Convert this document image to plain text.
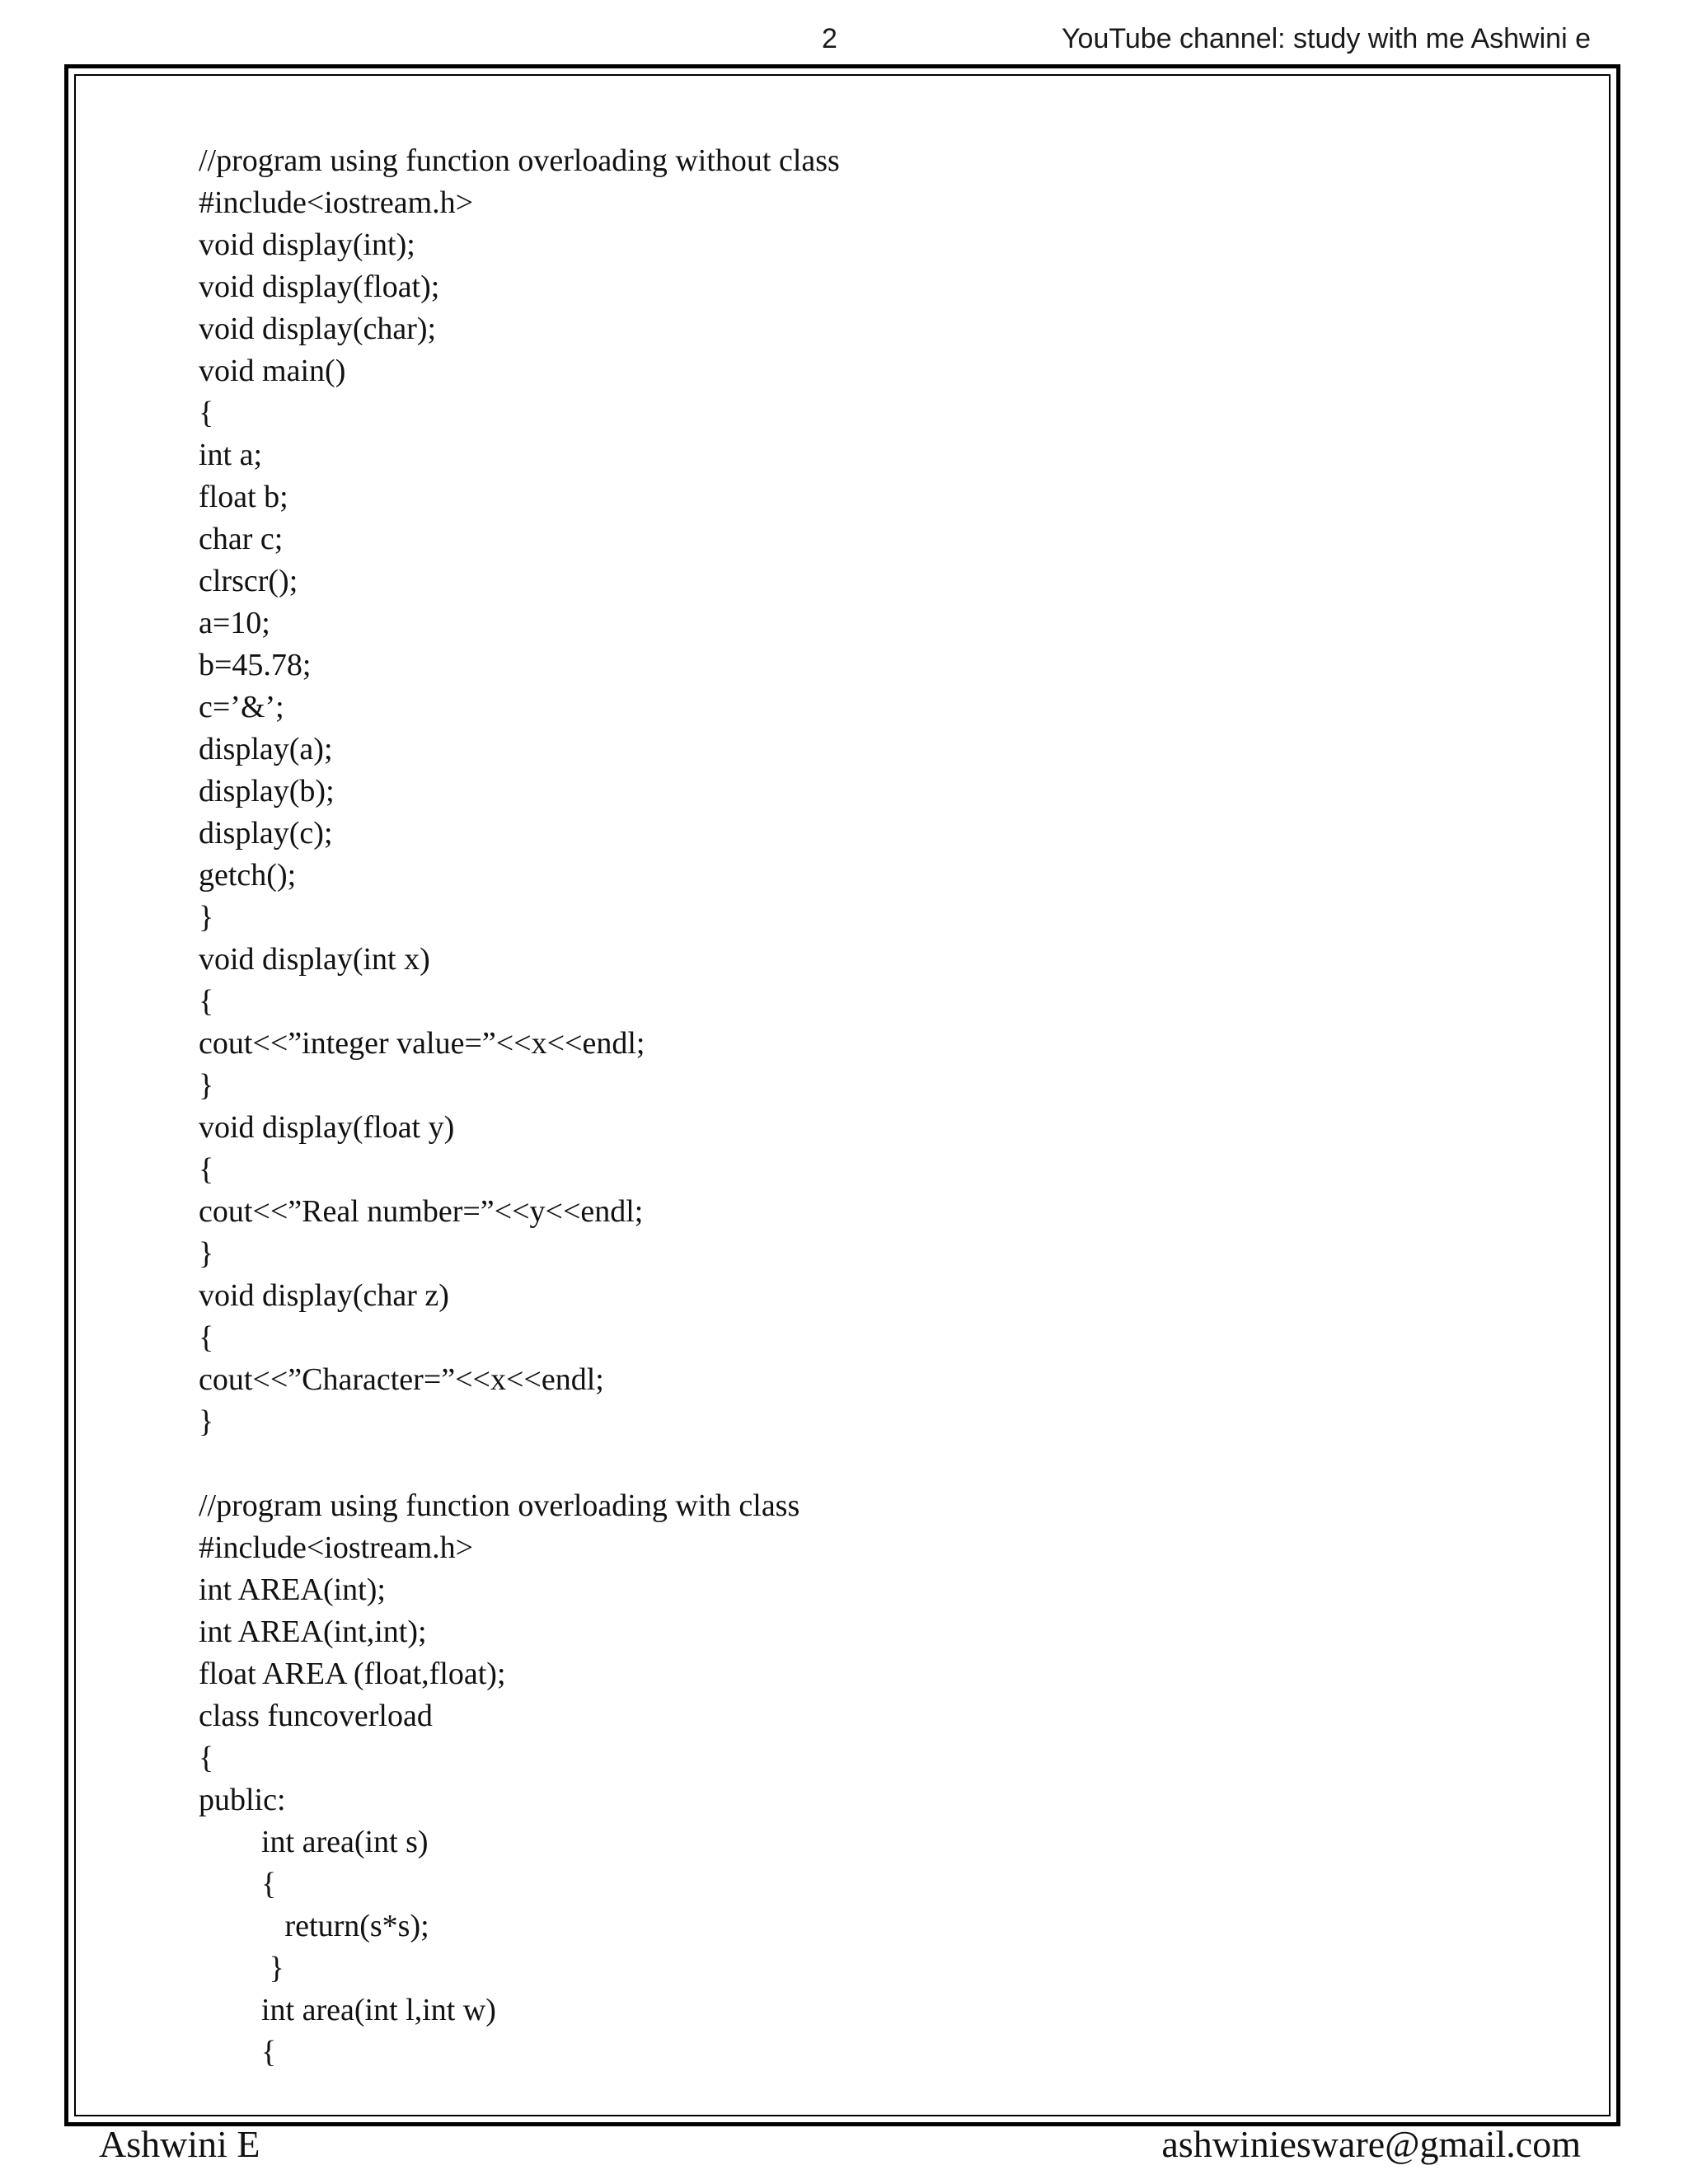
2	YouTube channel: study with me Ashwini e
//program using function overloading without class
#include<iostream.h>
void display(int);
void display(float);
void display(char);
void main()
{
int a;
float b;
char c;
clrscr();
a=10;
b=45.78;
c=’&’;
display(a);
display(b);
display(c);
getch();
}
void display(int x)
{
cout<<”integer value=”<<x<<endl;
}
void display(float y)
{
cout<<”Real number=”<<y<<endl;
}
void display(char z)
{
cout<<”Character=”<<x<<endl;
}
//program using function overloading with class
#include<iostream.h>
int AREA(int);
int AREA(int,int);
float AREA (float,float);
class funcoverload
{
public:
int area(int s)
{
return(s*s);
}
int area(int l,int w)
{
Ashwini E	ashwiniesware@gmail.com
